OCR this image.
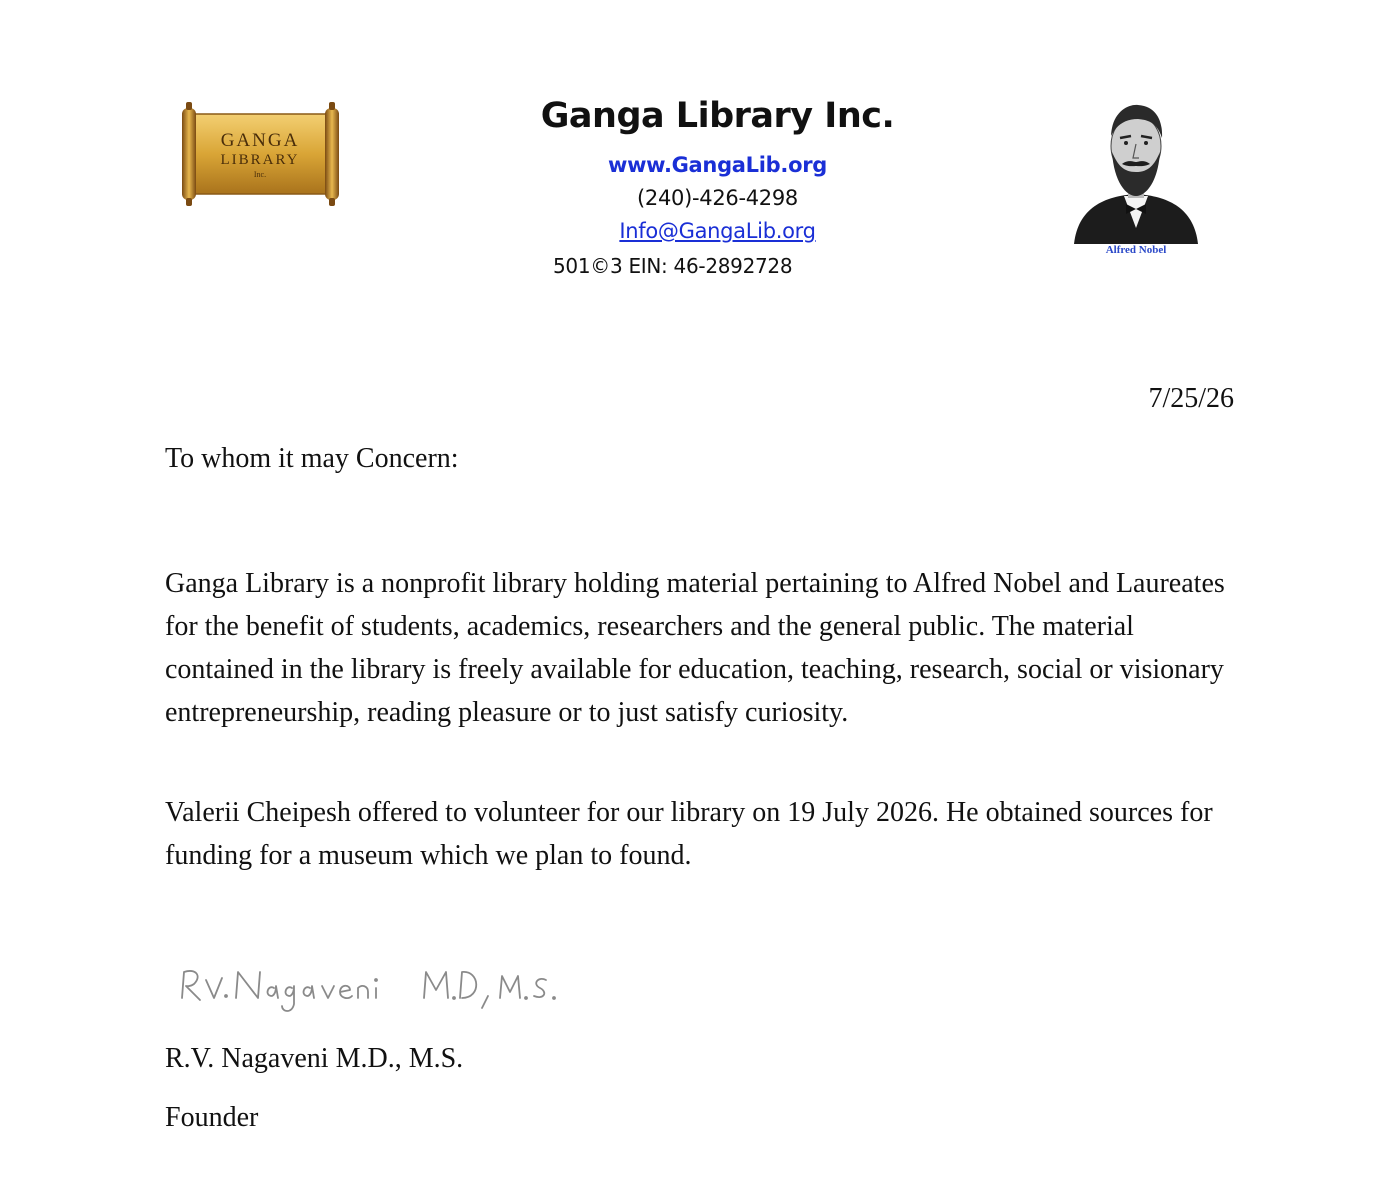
GANGA
LIBRARY
Inc.
Ganga Library Inc.
www.GangaLib.org
(240)-426-4298
Info@GangaLib.org
501©3 EIN: 46-2892728
Alfred Nobel
7/25/26
To whom it may Concern:

Ganga Library is a nonprofit library holding material pertaining to Alfred Nobel and Laureates for the benefit of students, academics, researchers and the general public. The material contained in the library is freely available for education, teaching, research, social or visionary entrepreneurship, reading pleasure or to just satisfy curiosity.

Valerii Cheipesh offered to volunteer for our library on 19 July 2026. He obtained sources for funding for a museum which we plan to found.

R.V. Nagaveni M.D., M.S.
Founder
